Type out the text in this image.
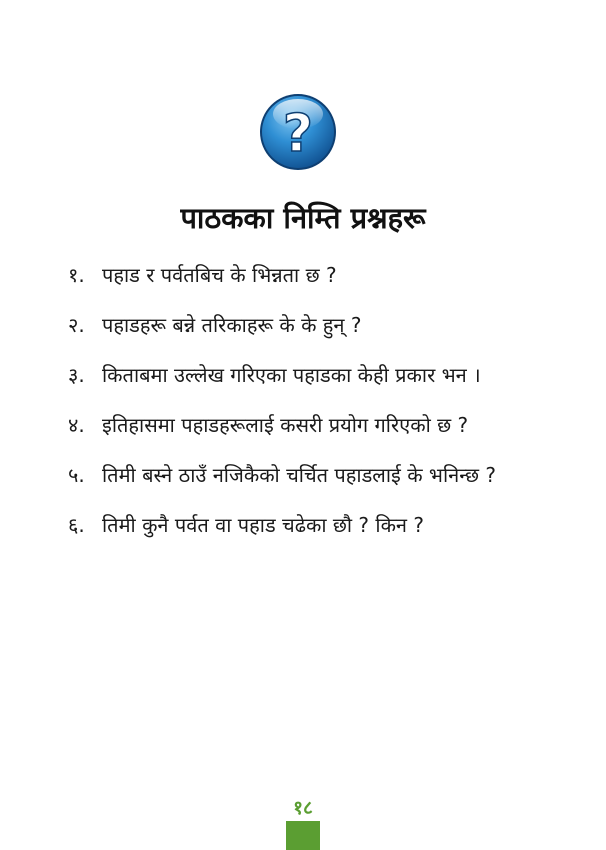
?
पाठकका निम्ति प्रश्नहरू
१. पहाड र पर्वतबिच के भिन्नता छ ?
२. पहाडहरू बन्ने तरिकाहरू के के हुन् ?
३. किताबमा उल्लेख गरिएका पहाडका केही प्रकार भन ।
४. इतिहासमा पहाडहरूलाई कसरी प्रयोग गरिएको छ ?
५. तिमी बस्ने ठाउँ नजिकैको चर्चित पहाडलाई के भनिन्छ ?
६. तिमी कुनै पर्वत वा पहाड चढेका छौ ? किन ?
१८
